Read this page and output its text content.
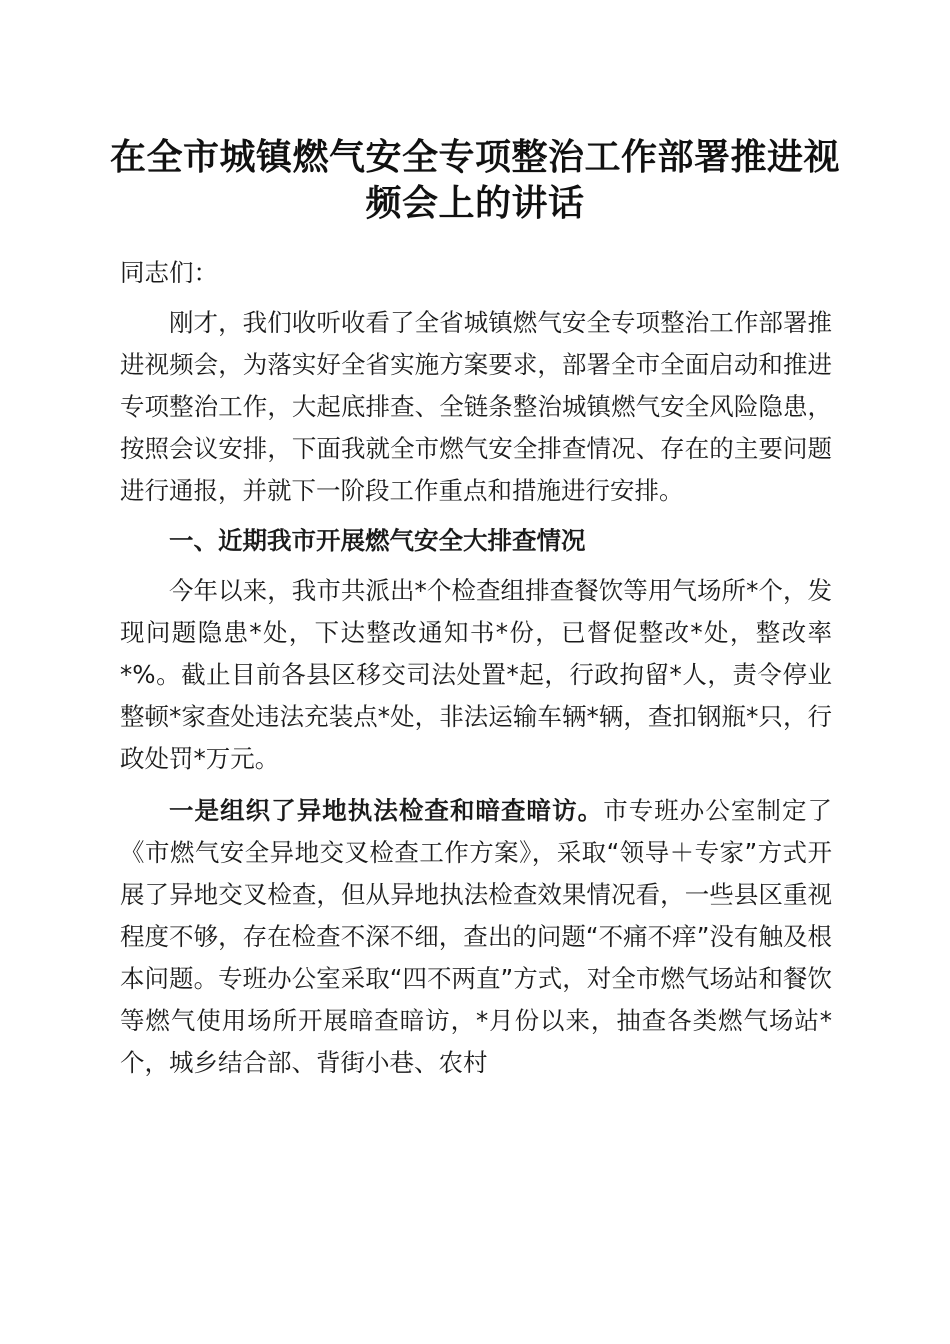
在全市城镇燃气安全专项整治工作部署推进视
频会上的讲话

同志们：

刚才，我们收听收看了全省城镇燃气安全专项整治工作部署推进视频会，为落实好全省实施方案要求，部署全市全面启动和推进专项整治工作，大起底排查、全链条整治城镇燃气安全风险隐患，按照会议安排，下面我就全市燃气安全排查情况、存在的主要问题进行通报，并就下一阶段工作重点和措施进行安排。

一、近期我市开展燃气安全大排查情况

今年以来，我市共派出*个检查组排查餐饮等用气场所*个，发现问题隐患*处，下达整改通知书*份，已督促整改*处，整改率*%。截止目前各县区移交司法处置*起，行政拘留*人，责令停业整顿*家查处违法充装点*处，非法运输车辆*辆，查扣钢瓶*只，行政处罚*万元。

一是组织了异地执法检查和暗查暗访。市专班办公室制定了《市燃气安全异地交叉检查工作方案》，采取“领导＋专家”方式开展了异地交叉检查，但从异地执法检查效果情况看，一些县区重视程度不够，存在检查不深不细，查出的问题“不痛不痒”没有触及根本问题。专班办公室采取“四不两直”方式，对全市燃气场站和餐饮等燃气使用场所开展暗查暗访，*月份以来，抽查各类燃气场站*个，城乡结合部、背街小巷、农村
